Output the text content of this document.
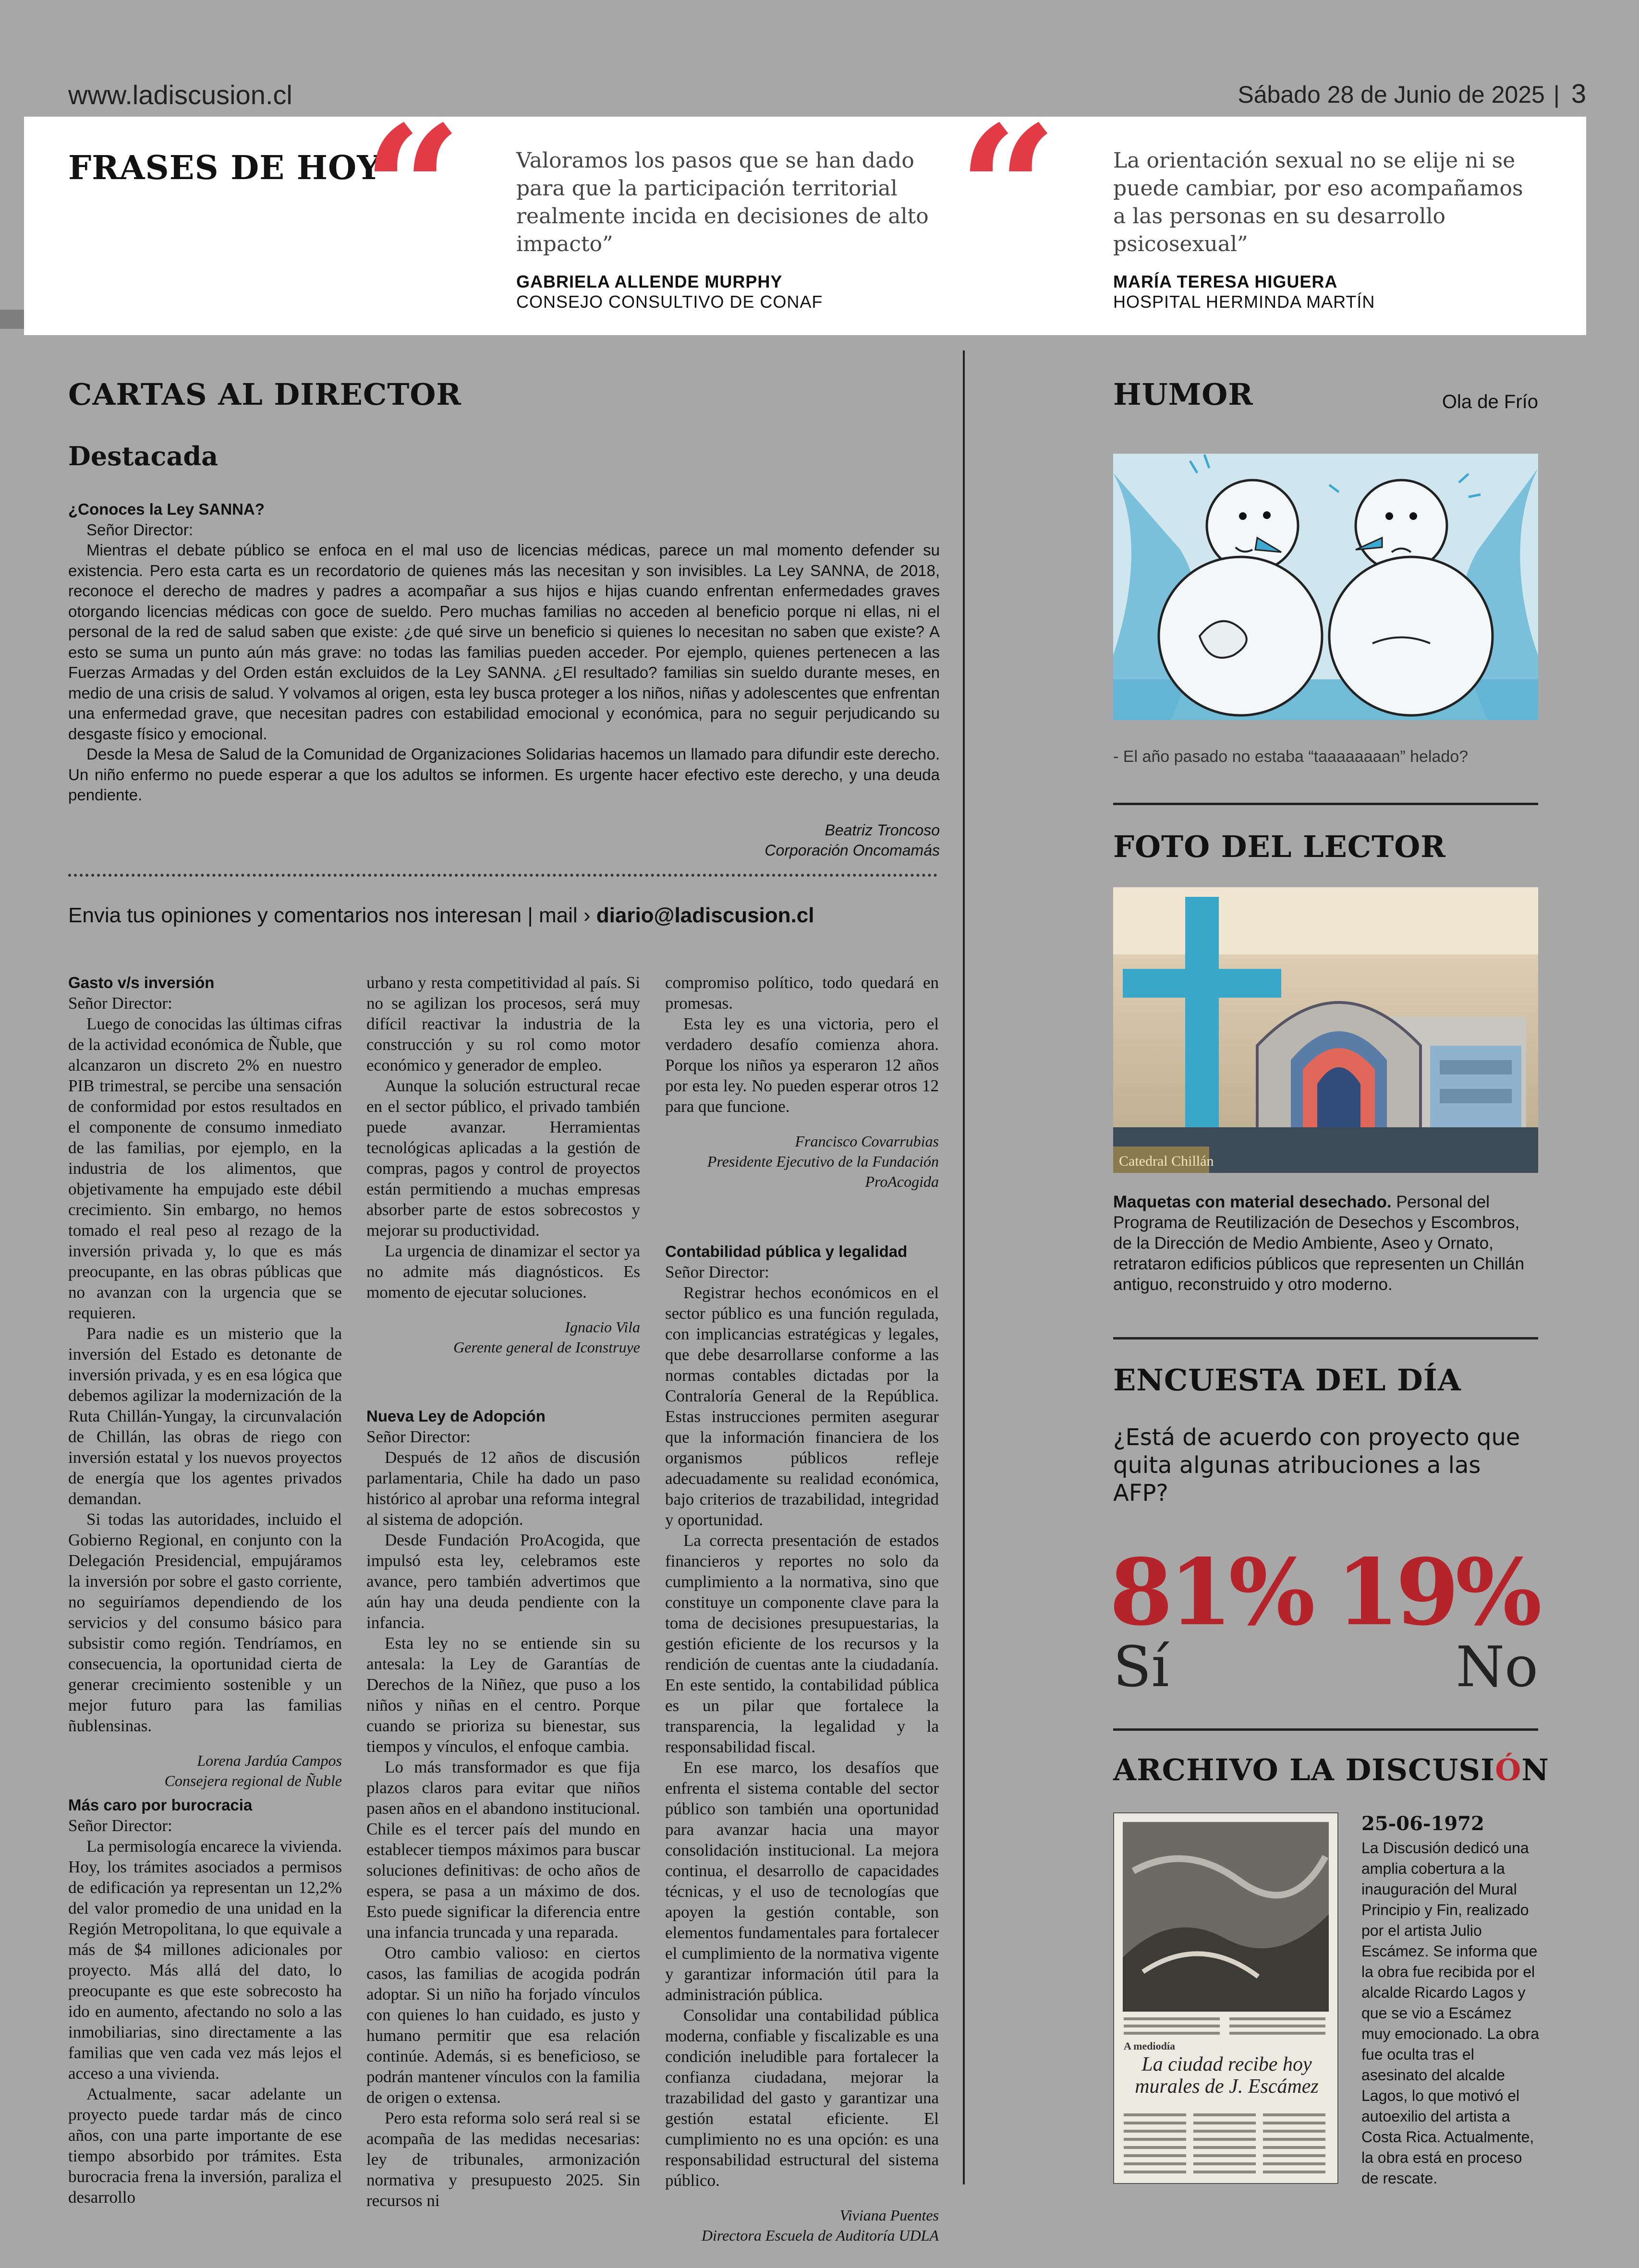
www.ladiscusion.cl	Sábado 28 de Junio de 2025 | 3
FRASES DE HOY
“	Valoramos los pasos que se han dado para que la participación territorial realmente incida en decisiones de alto impacto”
GABRIELA ALLENDE MURPHY
CONSEJO CONSULTIVO DE CONAF
“	La orientación sexual no se elije ni se puede cambiar, por eso acompañamos a las personas en su desarrollo psicosexual”
MARÍA TERESA HIGUERA
HOSPITAL HERMINDA MARTÍN
CARTAS AL DIRECTOR
Destacada

¿Conoces la Ley SANNA?

Señor Director:

Mientras el debate público se enfoca en el mal uso de licencias médicas, parece un mal momento defender su existencia. Pero esta carta es un recordatorio de quienes más las necesitan y son invisibles. La Ley SANNA, de 2018, reconoce el derecho de madres y padres a acompañar a sus hijos e hijas cuando enfrentan enfermedades graves otorgando licencias médicas con goce de sueldo. Pero muchas familias no acceden al beneficio porque ni ellas, ni el personal de la red de salud saben que existe: ¿de qué sirve un beneficio si quienes lo necesitan no saben que existe? A esto se suma un punto aún más grave: no todas las familias pueden acceder. Por ejemplo, quienes pertenecen a las Fuerzas Armadas y del Orden están excluidos de la Ley SANNA. ¿El resultado? familias sin sueldo durante meses, en medio de una crisis de salud. Y volvamos al origen, esta ley busca proteger a los niños, niñas y adolescentes que enfrentan una enfermedad grave, que necesitan padres con estabilidad emocional y económica, para no seguir perjudicando su desgaste físico y emocional.

Desde la Mesa de Salud de la Comunidad de Organizaciones Solidarias hacemos un llamado para difundir este derecho. Un niño enfermo no puede esperar a que los adultos se informen. Es urgente hacer efectivo este derecho, y una deuda pendiente.

Beatriz Troncoso
Corporación Oncomamás
Envia tus opiniones y comentarios nos interesan | mail › diario@ladiscusion.cl

Gasto v/s inversión

Señor Director:

Luego de conocidas las últimas cifras de la actividad económica de Ñuble, que alcanzaron un discreto 2% en nuestro PIB trimestral, se percibe una sensación de conformidad por estos resultados en el componente de consumo inmediato de las familias, por ejemplo, en la industria de los alimentos, que objetivamente ha empujado este débil crecimiento. Sin embargo, no hemos tomado el real peso al rezago de la inversión privada y, lo que es más preocupante, en las obras públicas que no avanzan con la urgencia que se requieren.

Para nadie es un misterio que la inversión del Estado es detonante de inversión privada, y es en esa lógica que debemos agilizar la modernización de la Ruta Chillán-Yungay, la circunvalación de Chillán, las obras de riego con inversión estatal y los nuevos proyectos de energía que los agentes privados demandan.

Si todas las autoridades, incluido el Gobierno Regional, en conjunto con la Delegación Presidencial, empujáramos la inversión por sobre el gasto corriente, no seguiríamos dependiendo de los servicios y del consumo básico para subsistir como región. Tendríamos, en consecuencia, la oportunidad cierta de generar crecimiento sostenible y un mejor futuro para las familias ñublensinas.

Lorena Jardúa Campos
Consejera regional de Ñuble

Más caro por burocracia

Señor Director:

La permisología encarece la vivienda. Hoy, los trámites asociados a permisos de edificación ya representan un 12,2% del valor promedio de una unidad en la Región Metropolitana, lo que equivale a más de $4 millones adicionales por proyecto. Más allá del dato, lo preocupante es que este sobrecosto ha ido en aumento, afectando no solo a las inmobiliarias, sino directamente a las familias que ven cada vez más lejos el acceso a una vivienda.

Actualmente, sacar adelante un proyecto puede tardar más de cinco años, con una parte importante de ese tiempo absorbido por trámites. Esta burocracia frena la inversión, paraliza el desarrollo

urbano y resta competitividad al país. Si no se agilizan los procesos, será muy difícil reactivar la industria de la construcción y su rol como motor económico y generador de empleo.

Aunque la solución estructural recae en el sector público, el privado también puede avanzar. Herramientas tecnológicas aplicadas a la gestión de compras, pagos y control de proyectos están permitiendo a muchas empresas absorber parte de estos sobrecostos y mejorar su productividad.

La urgencia de dinamizar el sector ya no admite más diagnósticos. Es momento de ejecutar soluciones.

Ignacio Vila
Gerente general de Iconstruye

Nueva Ley de Adopción

Señor Director:

Después de 12 años de discusión parlamentaria, Chile ha dado un paso histórico al aprobar una reforma integral al sistema de adopción.

Desde Fundación ProAcogida, que impulsó esta ley, celebramos este avance, pero también advertimos que aún hay una deuda pendiente con la infancia.

Esta ley no se entiende sin su antesala: la Ley de Garantías de Derechos de la Niñez, que puso a los niños y niñas en el centro. Porque cuando se prioriza su bienestar, sus tiempos y vínculos, el enfoque cambia.

Lo más transformador es que fija plazos claros para evitar que niños pasen años en el abandono institucional. Chile es el tercer país del mundo en establecer tiempos máximos para buscar soluciones definitivas: de ocho años de espera, se pasa a un máximo de dos. Esto puede significar la diferencia entre una infancia truncada y una reparada.

Otro cambio valioso: en ciertos casos, las familias de acogida podrán adoptar. Si un niño ha forjado vínculos con quienes lo han cuidado, es justo y humano permitir que esa relación continúe. Además, si es beneficioso, se podrán mantener vínculos con la familia de origen o extensa.

Pero esta reforma solo será real si se acompaña de las medidas necesarias: ley de tribunales, armonización normativa y presupuesto 2025. Sin recursos ni

compromiso político, todo quedará en promesas.

Esta ley es una victoria, pero el verdadero desafío comienza ahora. Porque los niños ya esperaron 12 años por esta ley. No pueden esperar otros 12 para que funcione.

Francisco Covarrubias
Presidente Ejecutivo de la Fundación ProAcogida

Contabilidad pública y legalidad

Señor Director:

Registrar hechos económicos en el sector público es una función regulada, con implicancias estratégicas y legales, que debe desarrollarse conforme a las normas contables dictadas por la Contraloría General de la República. Estas instrucciones permiten asegurar que la información financiera de los organismos públicos refleje adecuadamente su realidad económica, bajo criterios de trazabilidad, integridad y oportunidad.

La correcta presentación de estados financieros y reportes no solo da cumplimiento a la normativa, sino que constituye un componente clave para la toma de decisiones presupuestarias, la gestión eficiente de los recursos y la rendición de cuentas ante la ciudadanía. En este sentido, la contabilidad pública es un pilar que fortalece la transparencia, la legalidad y la responsabilidad fiscal.

En ese marco, los desafíos que enfrenta el sistema contable del sector público son también una oportunidad para avanzar hacia una mayor consolidación institucional. La mejora continua, el desarrollo de capacidades técnicas, y el uso de tecnologías que apoyen la gestión contable, son elementos fundamentales para fortalecer el cumplimiento de la normativa vigente y garantizar información útil para la administración pública.

Consolidar una contabilidad pública moderna, confiable y fiscalizable es una condición ineludible para fortalecer la confianza ciudadana, mejorar la trazabilidad del gasto y garantizar una gestión estatal eficiente. El cumplimiento no es una opción: es una responsabilidad estructural del sistema público.

Viviana Puentes
Directora Escuela de Auditoría UDLA
HUMOR	Ola de Frío
- El año pasado no estaba “taaaaaaaan” helado?
FOTO DEL LECTOR
Catedral Chillán
Maquetas con material desechado. Personal del Programa de Reutilización de Desechos y Escombros, de la Dirección de Medio Ambiente, Aseo y Ornato, retrataron edificios públicos que representen un Chillán antiguo, reconstruido y otro moderno.
ENCUESTA DEL DÍA
¿Está de acuerdo con proyecto que quita algunas atribuciones a las AFP?
81%
Sí
19%
No
ARCHIVO LA DISCUSIÓN
A mediodía
La ciudad recibe hoy murales de J. Escámez
25-06-1972
La Discusión dedicó una amplia cobertura a la inauguración del Mural Principio y Fin, realizado por el artista Julio Escámez. Se informa que la obra fue recibida por el alcalde Ricardo Lagos y que se vio a Escámez muy emocionado. La obra fue oculta tras el asesinato del alcalde Lagos, lo que motivó el autoexilio del artista a Costa Rica. Actualmente, la obra está en proceso de rescate.
